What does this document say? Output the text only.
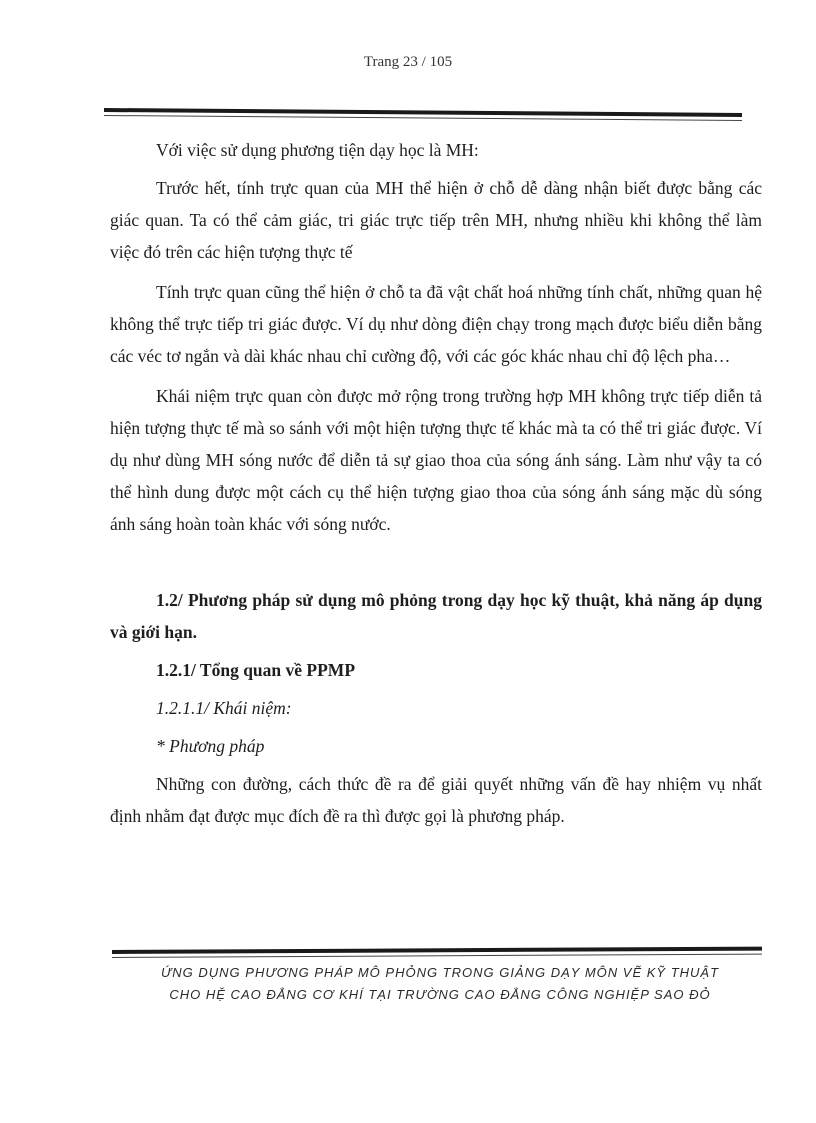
Trang 23 / 105

Với việc sử dụng phương tiện dạy học là MH:

Trước hết, tính trực quan của MH thể hiện ở chỗ dễ dàng nhận biết được bằng các giác quan. Ta có thể cảm giác, tri giác trực tiếp trên MH, nhưng nhiều khi không thể làm việc đó trên các hiện tượng thực tế

Tính trực quan cũng thể hiện ở chỗ ta đã vật chất hoá những tính chất, những quan hệ không thể trực tiếp tri giác được. Ví dụ như dòng điện chạy trong mạch được biểu diễn bằng các véc tơ ngắn và dài khác nhau chỉ cường độ, với các góc khác nhau chỉ độ lệch pha…

Khái niệm trực quan còn được mở rộng trong trường hợp MH không trực tiếp diễn tả hiện tượng thực tế mà so sánh với một hiện tượng thực tế khác mà ta có thể tri giác được. Ví dụ như dùng MH sóng nước để diễn tả sự giao thoa của sóng ánh sáng. Làm như vậy ta có thể hình dung được một cách cụ thể hiện tượng giao thoa của sóng ánh sáng mặc dù sóng ánh sáng hoàn toàn khác với sóng nước.

1.2/ Phương pháp sử dụng mô phỏng trong dạy học kỹ thuật, khả năng áp dụng và giới hạn.

1.2.1/ Tổng quan về PPMP

1.2.1.1/ Khái niệm:

* Phương pháp

Những con đường, cách thức đề ra để giải quyết những vấn đề hay nhiệm vụ nhất định nhằm đạt được mục đích đề ra thì được gọi là phương pháp.

ỨNG DỤNG PHƯƠNG PHÁP MÔ PHỎNG TRONG GIẢNG DẠY MÔN VẼ KỸ THUẬT
CHO HỆ CAO ĐẲNG CƠ KHÍ TẠI TRƯỜNG CAO ĐẲNG CÔNG NGHIỆP SAO ĐỎ
